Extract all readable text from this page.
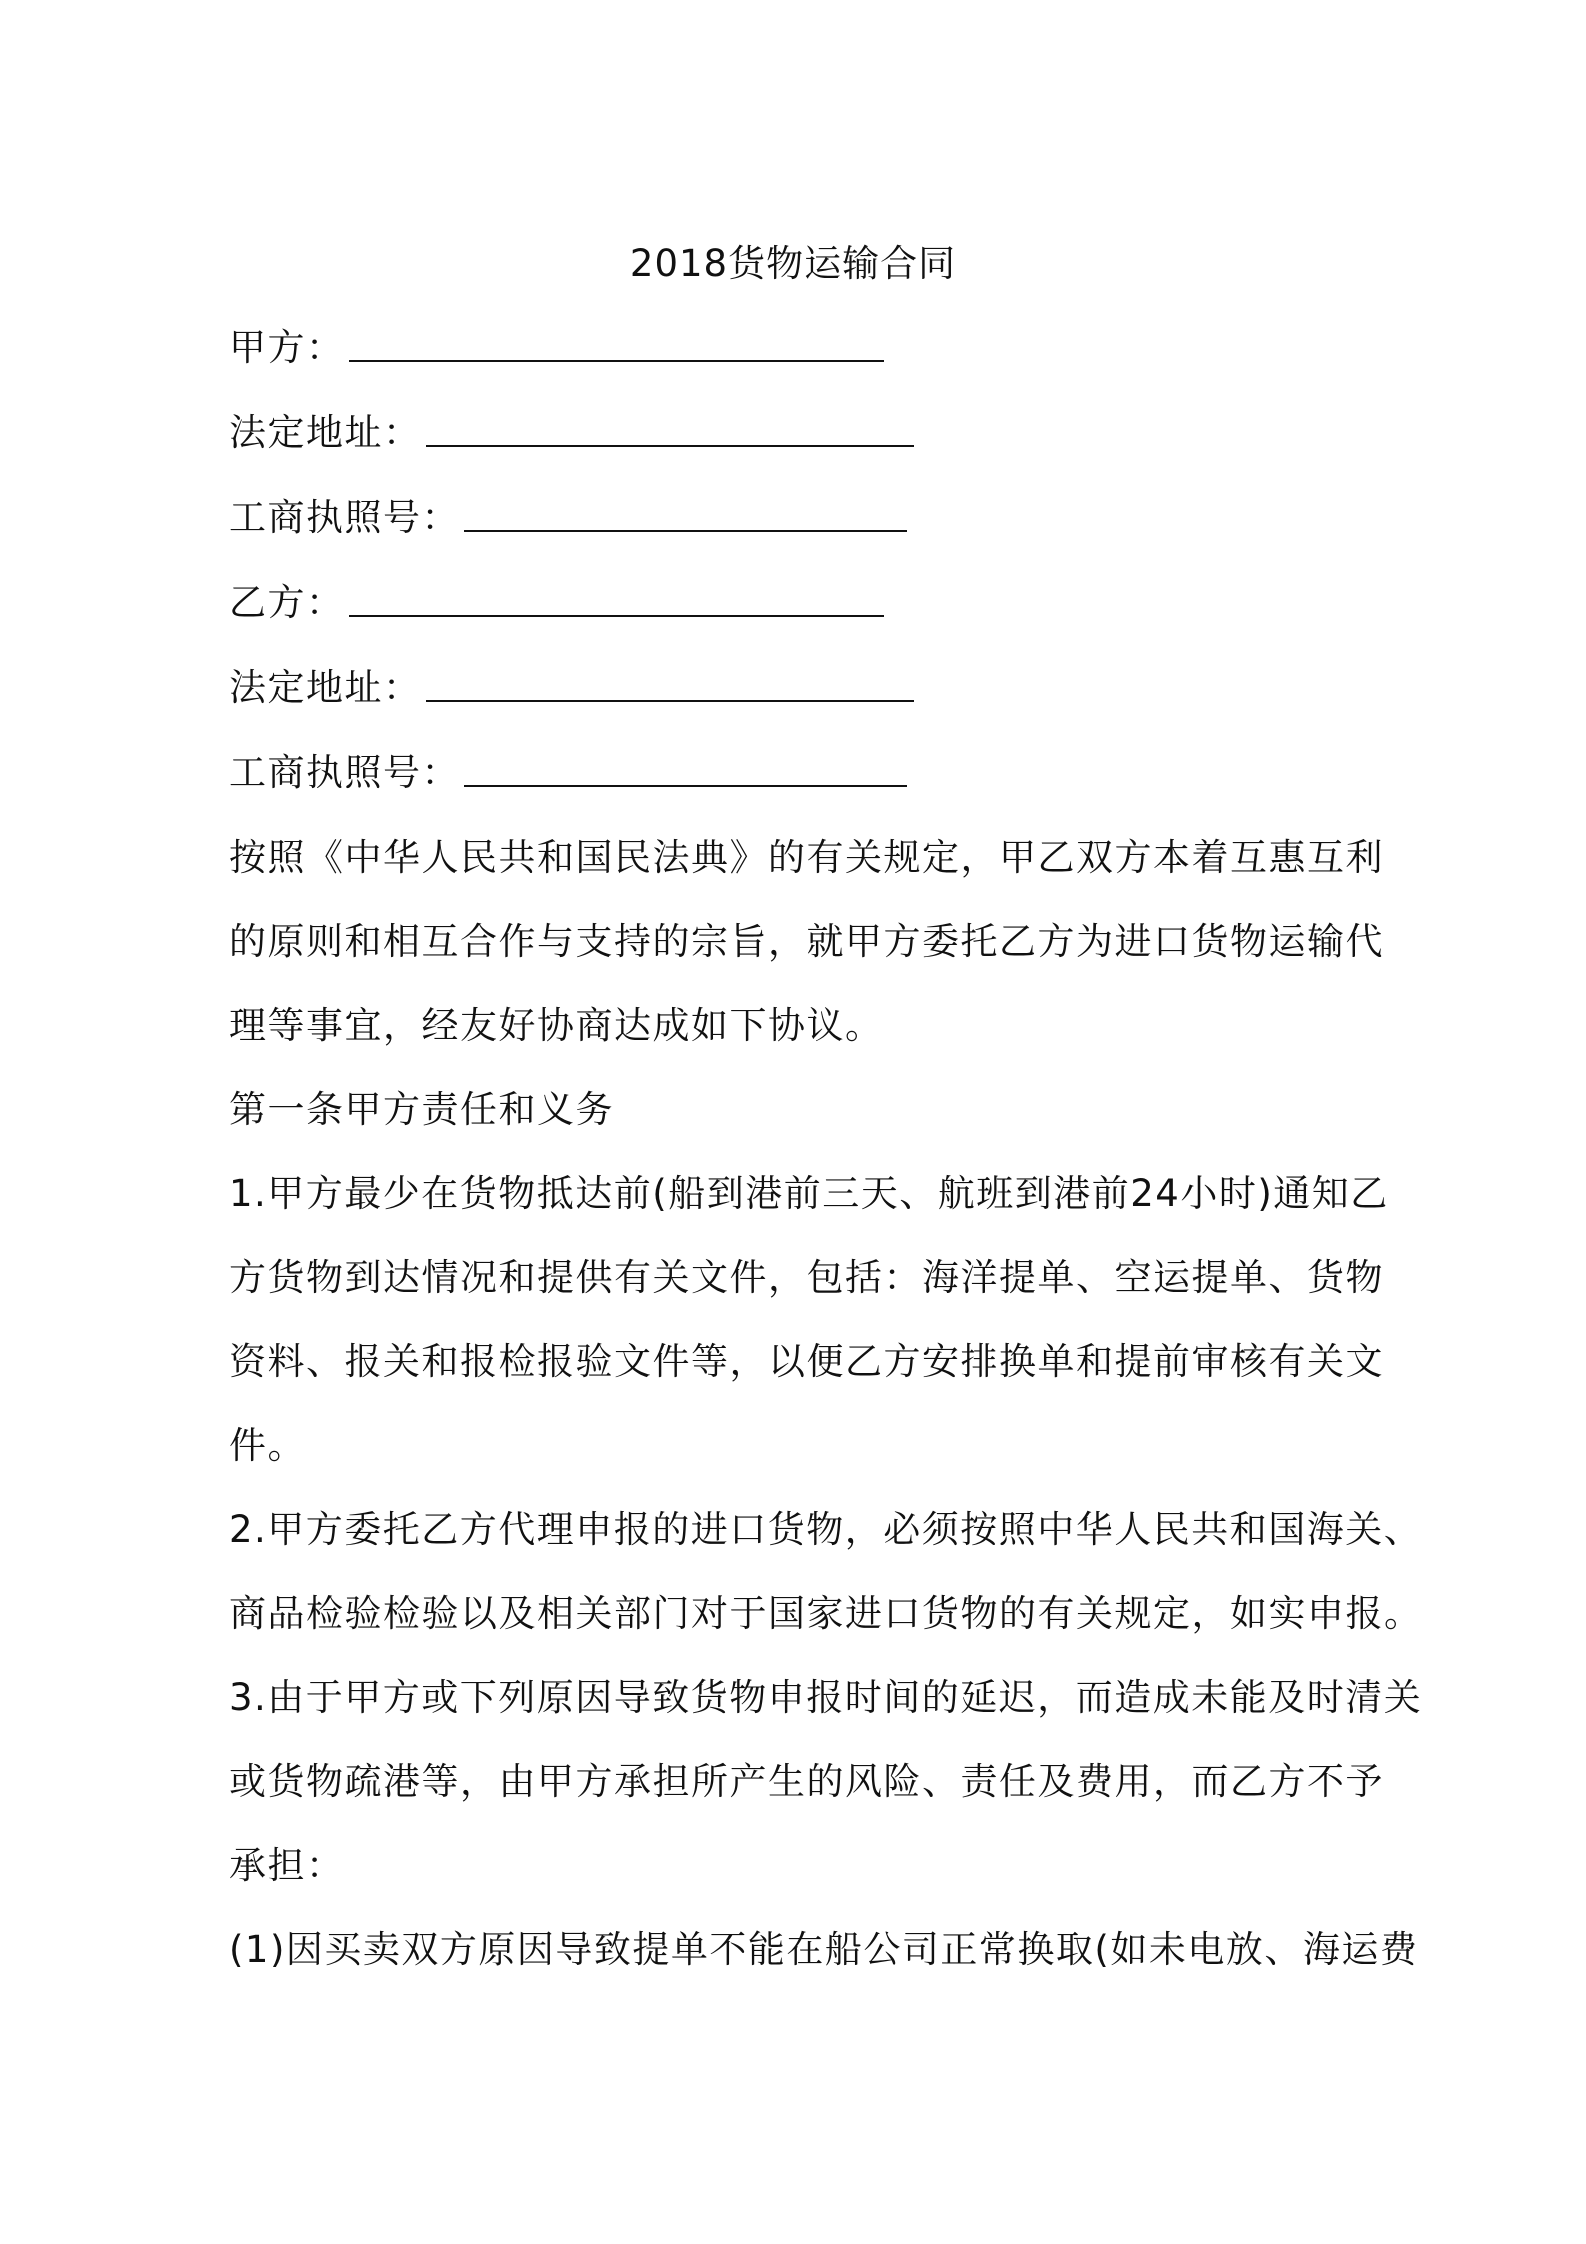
2018货物运输合同
甲方：
法定地址：
工商执照号：
乙方：
法定地址：
工商执照号：
按照《中华人民共和国民法典》的有关规定，甲乙双方本着互惠互利
的原则和相互合作与支持的宗旨，就甲方委托乙方为进口货物运输代
理等事宜，经友好协商达成如下协议。
第一条甲方责任和义务
1.甲方最少在货物抵达前(船到港前三天、航班到港前24小时)通知乙
方货物到达情况和提供有关文件，包括：海洋提单、空运提单、货物
资料、报关和报检报验文件等，以便乙方安排换单和提前审核有关文
件。
2.甲方委托乙方代理申报的进口货物，必须按照中华人民共和国海关、
商品检验检验以及相关部门对于国家进口货物的有关规定，如实申报。
3.由于甲方或下列原因导致货物申报时间的延迟，而造成未能及时清关
或货物疏港等，由甲方承担所产生的风险、责任及费用，而乙方不予
承担：
(1)因买卖双方原因导致提单不能在船公司正常换取(如未电放、海运费
